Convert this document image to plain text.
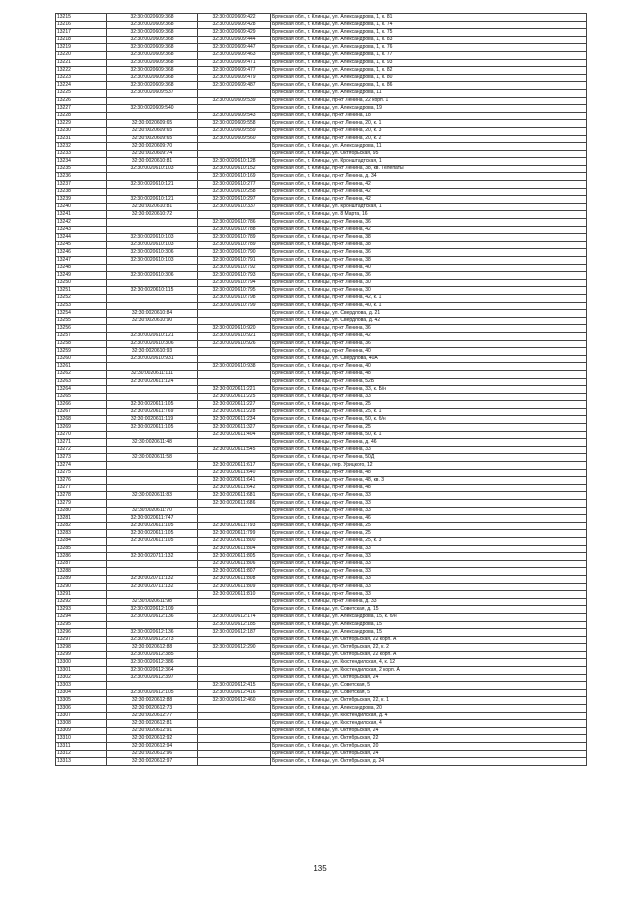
13215	32:30:0020609:368	32:30:0020609:422	Брянская обл., г. Клинцы, ул. Александрова, 1, к. 81
13216	32:30:0020609:368	32:30:0020609:428	Брянская обл., г. Клинцы, ул. Александрова, 1, к. 74
13217	32:30:0020609:368	32:30:0020609:429	Брянская обл., г. Клинцы, ул. Александрова, 1, к. 75
13218	32:30:0020609:368	32:30:0020609:444	Брянская обл., г. Клинцы, ул. Александрова, 1, к. 83
13219	32:30:0020609:368	32:30:0020609:447	Брянская обл., г. Клинцы, ул. Александрова, 1, к. 76
13220	32:30:0020609:368	32:30:0020609:463	Брянская обл., г. Клинцы, ул. Александрова, 1, к. 77
13221	32:30:0020609:368	32:30:0020609:471	Брянская обл., г. Клинцы, ул. Александрова, 1, к. 93
13222	32:30:0020609:368	32:30:0020609:477	Брянская обл., г. Клинцы, ул. Александрова, 1, к. 82
13223	32:30:0020609:368	32:30:0020609:479	Брянская обл., г. Клинцы, ул. Александрова, 1, к. 80
13224	32:30:0020609:368	32:30:0020609:487	Брянская обл., г. Клинцы, ул. Александрова, 1, к. 86
13225	32:30:0020609:537		Брянская обл., г. Клинцы, ул. Александрова, 11
13226		32:30:0020609:539	Брянская обл., г. Клинцы, пр-кт Ленина, 22 корп. 1
13227	32:30:0020609:540		Брянская обл., г. Клинцы, ул. Александрова, 19
13228		32:30:0020609:543	Брянская обл., г. Клинцы, пр-кт Ленина, 18
13229	32:30:0020609:65	32:30:0020609:558	Брянская обл., г. Клинцы, пр-кт Ленина, 20, к. 1
13230	32:30:0020609:65	32:30:0020609:559	Брянская обл., г. Клинцы, пр-кт Ленина, 20, к. 3
13231	32:30:0020609:65	32:30:0020609:560	Брянская обл., г. Клинцы, пр-кт Ленина, 20, к. 2
13232	32:30:0020609:70		Брянская обл., г. Клинцы, ул. Александрова, 11
13233	32:30:0020609:74		Брянская обл., г. Клинцы, ул. Октябрьская, 95
13234	32:30:0020610:81	32:30:0020610:128	Брянская обл., г. Клинцы, ул. Кронштадтская, 1
13235	32:30:0020610:103	32:30:0020610:152	Брянская обл., г. Клинцы, пр-кт Ленина, 38, кв. Телепаты
13236		32:30:0020610:169	Брянская обл., г. Клинцы, пр-кт Ленина, д. 34
13237	32:30:0020610:121	32:30:0020610:277	Брянская обл., г. Клинцы, пр-кт Ленина, 42
13238		32:30:0020610:258	Брянская обл., г. Клинцы, пр-кт Ленина, 42
13239	32:30:0020610:121	32:30:0020610:297	Брянская обл., г. Клинцы, пр-кт Ленина, 42
13240	32:30:0020610:81	32:30:0020610:337	Брянская обл., г. Клинцы, ул. Кронштадтская, 1
13241	32:30:0020610:72		Брянская обл., г. Клинцы, ул. 8 Марта, 16
13242		32:30:0020610:786	Брянская обл., г. Клинцы, пр-кт Ленина, 36
13243		32:30:0020610:788	Брянская обл., г. Клинцы, пр-кт Ленина, 42
13244	32:30:0020610:103	32:30:0020610:789	Брянская обл., г. Клинцы, пр-кт Ленина, 38
13245	32:30:0020610:103	32:30:0020610:789	Брянская обл., г. Клинцы, пр-кт Ленина, 38
13246	32:30:0020610:306	32:30:0020610:790	Брянская обл., г. Клинцы, пр-кт Ленина, 36
13247	32:30:0020610:103	32:30:0020610:791	Брянская обл., г. Клинцы, пр-кт Ленина, 38
13248		32:30:0020610:792	Брянская обл., г. Клинцы, пр-кт Ленина, 40
13249	32:30:0020610:306	32:30:0020610:793	Брянская обл., г. Клинцы, пр-кт Ленина, 36
13250		32:30:0020610:794	Брянская обл., г. Клинцы, пр-кт Ленина, 30
13251	32:30:0020610:115	32:30:0020610:795	Брянская обл., г. Клинцы, пр-кт Ленина, 30
13252		32:30:0020610:798	Брянская обл., г. Клинцы, пр-кт Ленина, 42, к. 1
13253		32:30:0020610:799	Брянская обл., г. Клинцы, пр-кт Ленина, 40, к. 1
13254	32:30:0020610:84		Брянская обл., г. Клинцы, ул. Свердлова, д. 21
13255	32:30:0020610:90		Брянская обл., г. Клинцы, ул. Свердлова, д. 42
13256		32:30:0020610:920	Брянская обл., г. Клинцы, пр-кт Ленина, 36
13257	32:30:0020610:121	32:30:0020610:921	Брянская обл., г. Клинцы, пр-кт Ленина, 42
13258	32:30:0020610:306	32:30:0020610:926	Брянская обл., г. Клинцы, пр-кт Ленина, 36
13259	32:30:0020610:93		Брянская обл., г. Клинцы, пр-кт Ленина, 40
13260	32:30:0020610:931		Брянская обл., г. Клинцы, ул. Свердлова, 40А
13261		32:30:0020610:938	Брянская обл., г. Клинцы, пр-кт Ленина, 40
13262	32:30:0020611:111		Брянская обл., г. Клинцы, пр-кт Ленина, 48
13263	32:30:0020611:124		Брянская обл., г. Клинцы, пр-кт Ленина, 52Б
13264		32:30:0020611:221	Брянская обл., г. Клинцы, пр-кт Ленина, 33, к. Б/н
13265		32:30:0020611:225	Брянская обл., г. Клинцы, пр-кт Ленина, 33
13266	32:30:0020611:105	32:30:0020611:227	Брянская обл., г. Клинцы, пр-кт Ленина, 25
13267	32:30:0020611:769	32:30:0020611:228	Брянская обл., г. Клинцы, пр-кт Ленина, 25, к. 1
13268	32:30:0020611:119	32:30:0020611:234	Брянская обл., г. Клинцы, пр-кт Ленина, 50, к. б/н
13269	32:30:0020611:105	32:30:0020611:327	Брянская обл., г. Клинцы, пр-кт Ленина, 25
13270		32:30:0020611:404	Брянская обл., г. Клинцы, пр-кт Ленина, 50, к. 1
13271	32:30:0020611:48		Брянская обл., г. Клинцы, пр-кт Ленина, д. 46
13272		32:30:0020611:545	Брянская обл., г. Клинцы, пр-кт Ленина, 33
13273	32:30:0020611:58		Брянская обл., г. Клинцы, пр-кт Ленина, 50Д
13274		32:30:0020611:617	Брянская обл., г. Клинцы, пер. Урицкого, 12
13275		32:30:0020611:640	Брянская обл., г. Клинцы, пр-кт Ленина, 48
13276		32:30:0020611:641	Брянская обл., г. Клинцы, пр-кт Ленина, 48, кв. 3
13277		32:30:0020611:642	Брянская обл., г. Клинцы, пр-кт Ленина, 48
13278	32:30:0020611:83	32:30:0020611:681	Брянская обл., г. Клинцы, пр-кт Ленина, 33
13279		32:30:0020611:686	Брянская обл., г. Клинцы, пр-кт Ленина, 33
13280	32:30:0020611:70		Брянская обл., г. Клинцы, пр-кт Ленина, 33
13281	32:30:0020611:747		Брянская обл., г. Клинцы, пр-кт Ленина, 46
13282	32:30:0020611:105	32:30:0020611:793	Брянская обл., г. Клинцы, пр-кт Ленина, 25
13283	32:30:0020611:105	32:30:0020611:799	Брянская обл., г. Клинцы, пр-кт Ленина, 25
13284	32:30:0020611:105	32:30:0020611:800	Брянская обл., г. Клинцы, пр-кт Ленина, 25, к. 3
13285		32:30:0020611:804	Брянская обл., г. Клинцы, пр-кт Ленина, 33
13286	32:30:0020711:132	32:30:0020611:805	Брянская обл., г. Клинцы, пр-кт Ленина, 33
13287		32:30:0020611:806	Брянская обл., г. Клинцы, пр-кт Ленина, 33
13288		32:30:0020611:807	Брянская обл., г. Клинцы, пр-кт Ленина, 33
13289	32:30:0020711:132	32:30:0020611:808	Брянская обл., г. Клинцы, пр-кт Ленина, 33
13290	32:30:0020711:132	32:30:0020611:809	Брянская обл., г. Клинцы, пр-кт Ленина, 33
13291		32:30:0020611:810	Брянская обл., г. Клинцы, пр-кт Ленина, 33
13292	32:30:0020611:98		Брянская обл., г. Клинцы, пр-кт Ленина, д. 33
13293	32:30:0020612:109		Брянская обл., г. Клинцы, ул. Советская, д. 15
13294	32:30:0020612:136	32:30:0020612:174	Брянская обл., г. Клинцы, ул. Александрова, 15, к. б/н
13295		32:30:0020612:185	Брянская обл., г. Клинцы, ул. Александрова, 15
13296	32:30:0020612:136	32:30:0020612:187	Брянская обл., г. Клинцы, ул. Александрова, 15
13297	32:30:0020612:273		Брянская обл., г. Клинцы, ул. Октябрьская, 22 корп. А
13298	32:30:0020612:88	32:30:0020612:290	Брянская обл., г. Клинцы, ул. Октябрьская, 22, к. 2
13299	32:30:0020612:385		Брянская обл., г. Клинцы, ул. Октябрьская, 22 корп. А
13300	32:30:0020612:386		Брянская обл., г. Клинцы, ул. Кюстендилская, 4, к. 12
13301	32:30:0020612:364		Брянская обл., г. Клинцы, ул. Кюстендилская, 2 корп. А
13302	32:30:0020612:397		Брянская обл., г. Клинцы, ул. Октябрьская, 24
13303		32:30:0020612:415	Брянская обл., г. Клинцы, ул. Советская, 5
13304	32:30:0020612:105	32:30:0020612:416	Брянская обл., г. Клинцы, ул. Советская, 5
13305	32:30:0020612:88	32:30:0020612:460	Брянская обл., г. Клинцы, ул. Октябрьская, 22, к. 1
13306	32:30:0020612:73		Брянская обл., г. Клинцы, ул. Александрова, 20
13307	32:30:0020612:77		Брянская обл., г. Клинцы, ул. Кюстендилская, д. 4
13308	32:30:0020612:81		Брянская обл., г. Клинцы, ул. Кюстендилская, 4
13309	32:30:0020612:91		Брянская обл., г. Клинцы, ул. Октябрьская, 24
13310	32:30:0020612:92		Брянская обл., г. Клинцы, ул. Октябрьская, 22
13311	32:30:0020612:94		Брянская обл., г. Клинцы, ул. Октябрьская, 20
13312	32:30:0020612:96		Брянская обл., г. Клинцы, ул. Октябрьская, 24
13313	32:30:0020612:97		Брянская обл., г. Клинцы, ул. Октябрьская, д. 24
135
